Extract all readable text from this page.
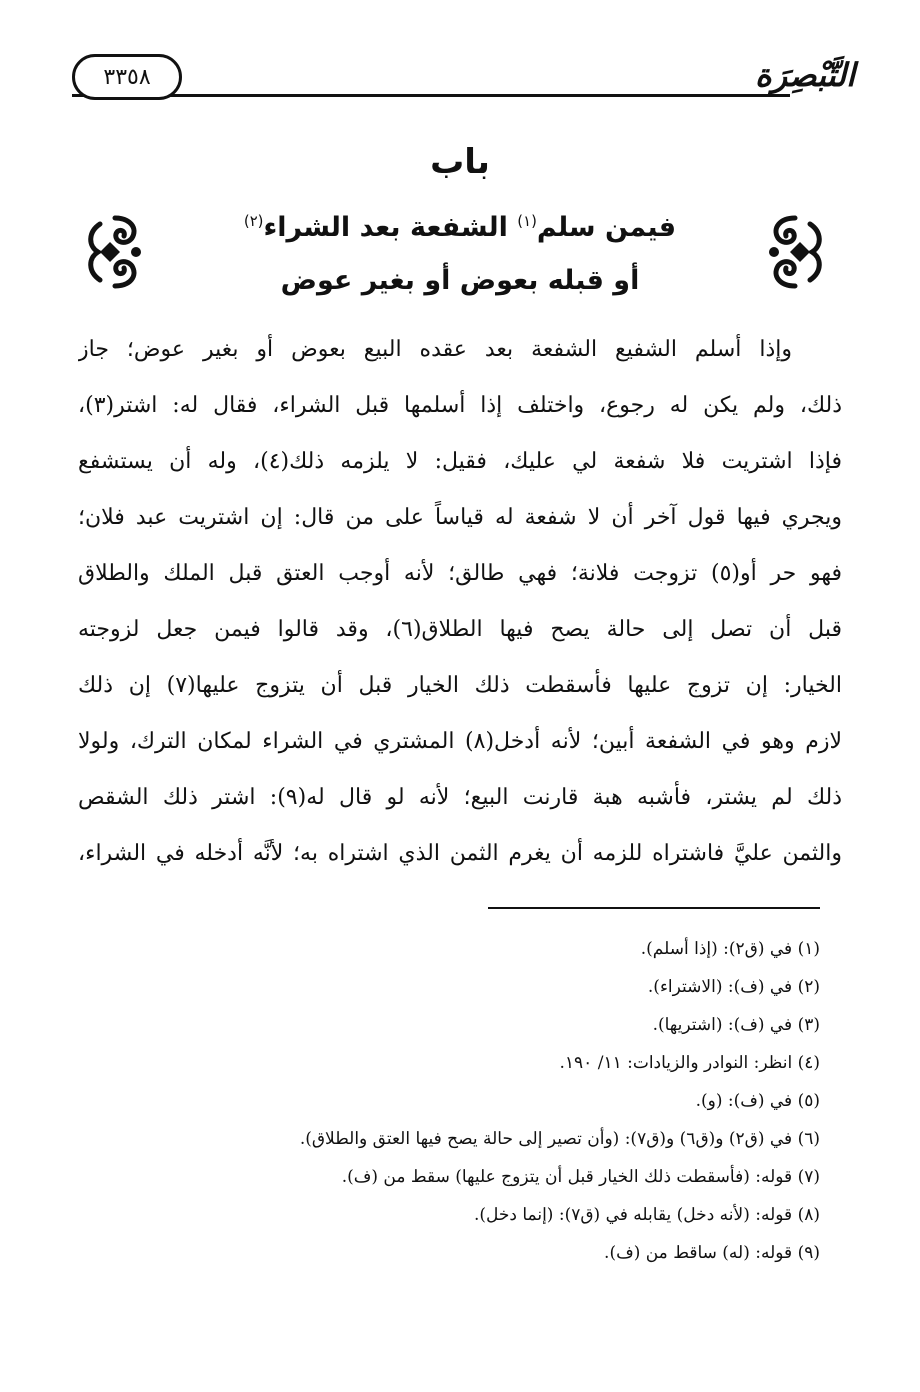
٣٣٥٨	التَّبْصِرَة
باب
فيمن سلم$^{(١)}$ الشفعة بعد الشراء$^{(٢)}$
أو قبله بعوض أو بغير عوض
وإذا أسلم الشفيع الشفعة بعد عقده البيع بعوض أو بغير عوض؛ جاز
ذلك، ولم يكن له رجوع، واختلف إذا أسلمها قبل الشراء، فقال له: اشتر(٣)،
فإذا اشتريت فلا شفعة لي عليك، فقيل: لا يلزمه ذلك(٤)، وله أن يستشفع
ويجري فيها قول آخر أن لا شفعة له قياساً على من قال: إن اشتريت عبد فلان؛
فهو حر أو(٥) تزوجت فلانة؛ فهي طالق؛ لأنه أوجب العتق قبل الملك والطلاق
قبل أن تصل إلى حالة يصح فيها الطلاق(٦)، وقد قالوا فيمن جعل لزوجته
الخيار: إن تزوج عليها فأسقطت ذلك الخيار قبل أن يتزوج عليها(٧) إن ذلك
لازم وهو في الشفعة أبين؛ لأنه أدخل(٨) المشتري في الشراء لمكان الترك، ولولا
ذلك لم يشتر، فأشبه هبة قارنت البيع؛ لأنه لو قال له(٩): اشتر ذلك الشقص
والثمن عليَّ فاشتراه للزمه أن يغرم الثمن الذي اشتراه به؛ لأنَّه أدخله في الشراء،
(١) في (ق٢): (إذا أسلم).
(٢) في (ف): (الاشتراء).
(٣) في (ف): (اشتريها).
(٤) انظر: النوادر والزيادات: ١١/ ١٩٠.
(٥) في (ف): (و).
(٦) في (ق٢) و(ق٦) و(ق٧): (وأن تصير إلى حالة يصح فيها العتق والطلاق).
(٧) قوله: (فأسقطت ذلك الخيار قبل أن يتزوج عليها) سقط من (ف).
(٨) قوله: (لأنه دخل) يقابله في (ق٧): (إنما دخل).
(٩) قوله: (له) ساقط من (ف).
